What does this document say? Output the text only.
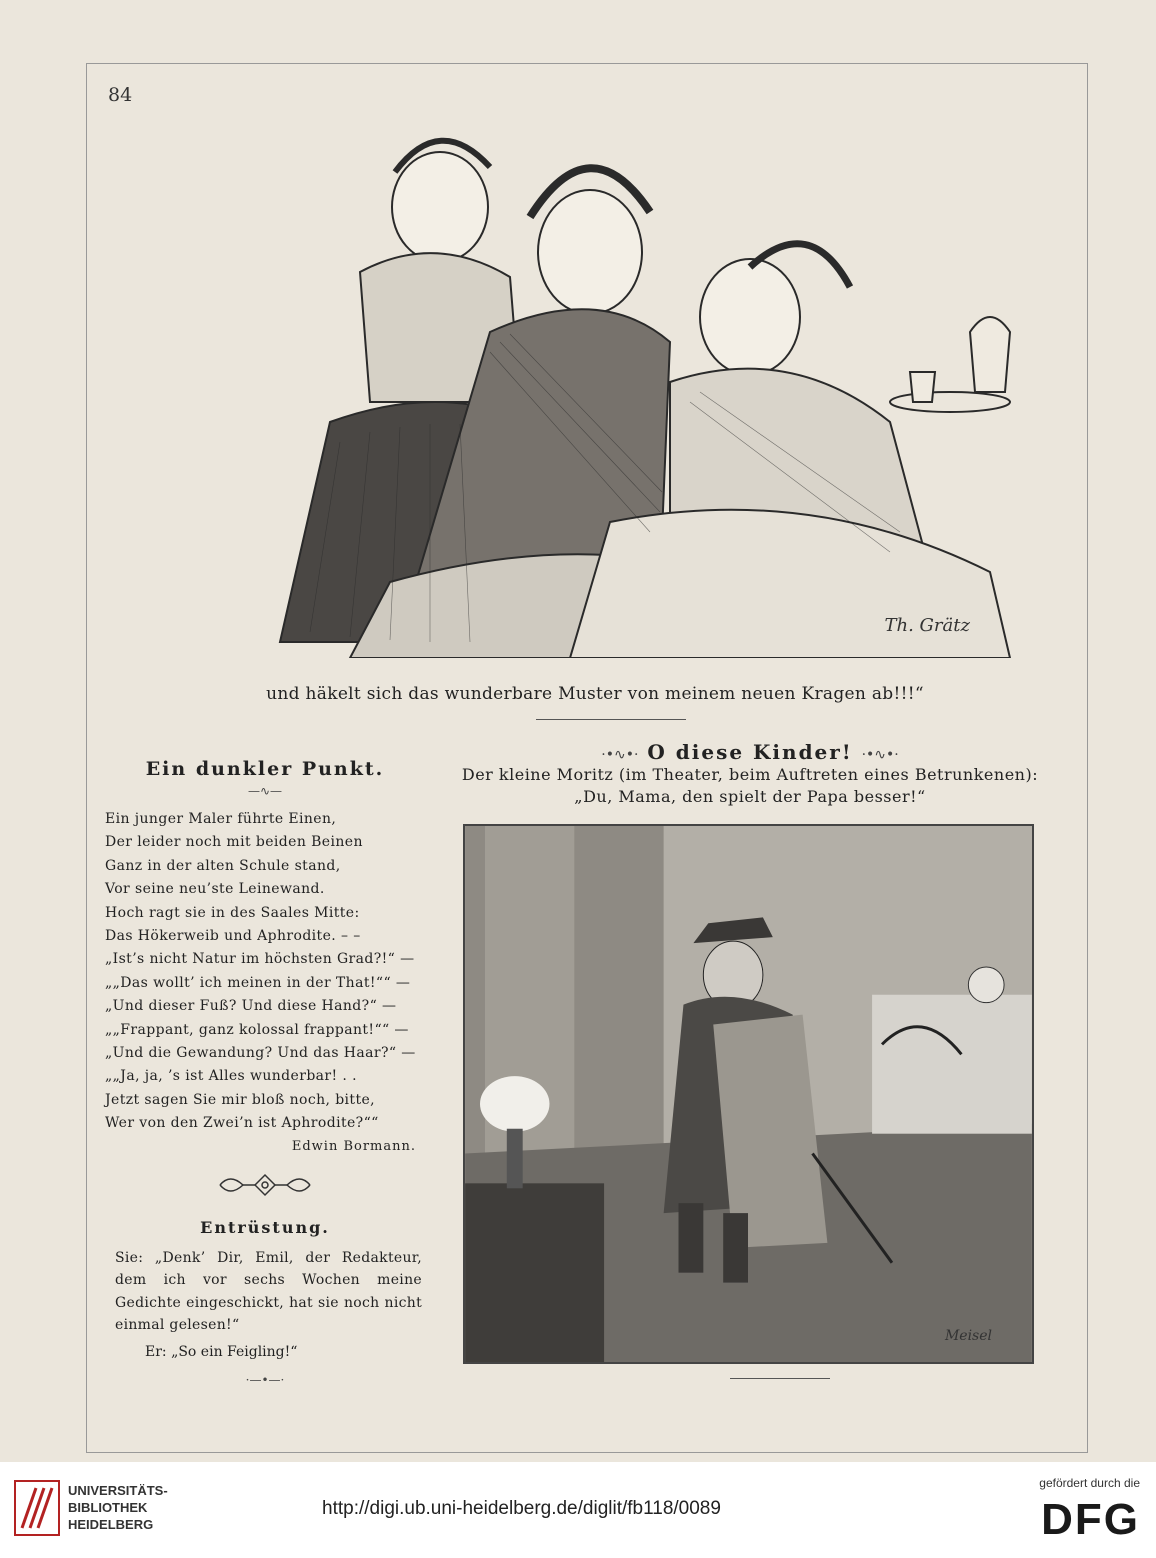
84
Th. Grätz
und häkelt sich das wunderbare Muster von meinem neuen Kragen ab!!!“
Ein dunkler Punkt.
—∿—
Ein junger Maler führte Einen,
Der leider noch mit beiden Beinen
Ganz in der alten Schule stand,
Vor seine neu’ste Leinewand.
Hoch ragt sie in des Saales Mitte:
Das Hökerweib und Aphrodite. – –
„Ist’s nicht Natur im höchsten Grad?!“ —
„„Das wollt’ ich meinen in der That!““ —
„Und dieser Fuß? Und diese Hand?“ —
„„Frappant, ganz kolossal frappant!““ —
„Und die Gewandung? Und das Haar?“ —
„„Ja, ja, ’s ist Alles wunderbar! . .
Jetzt sagen Sie mir bloß noch, bitte,
Wer von den Zwei’n ist Aphrodite?““
Edwin Bormann.
Entrüstung.
Sie: „Denk’ Dir, Emil, der Redakteur, dem ich vor sechs Wochen meine Gedichte eingeschickt, hat sie noch nicht einmal gelesen!“
Er: „So ein Feigling!“
·—•—·
·•∿•· O diese Kinder! ·•∿•·
Der kleine Moritz (im Theater, beim Auftreten eines Betrunkenen):
„Du, Mama, den spielt der Papa besser!“
Meisel
UNIVERSITÄTS-
BIBLIOTHEK
HEIDELBERG
http://digi.ub.uni-heidelberg.de/diglit/fb118/0089
gefördert durch die
DFG
